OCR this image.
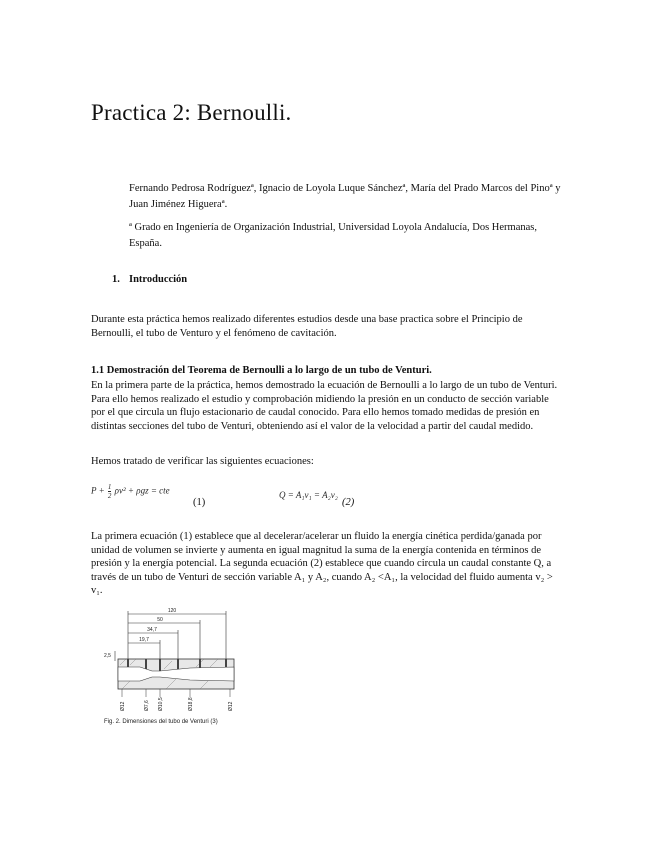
Practica 2: Bernoulli.

Fernando Pedrosa Rodríguezª, Ignacio de Loyola Luque Sánchezª, María del Prado Marcos del Pinoª y Juan Jiménez Higueraª.

ª Grado en Ingeniería de Organización Industrial, Universidad Loyola Andalucía, Dos Hermanas, España.

1. Introducción

Durante esta práctica hemos realizado diferentes estudios desde una base practica sobre el Principio de Bernoulli, el tubo de Venturo y el fenómeno de cavitación.

1.1 Demostración del Teorema de Bernoulli a lo largo de un tubo de Venturi.

En la primera parte de la práctica, hemos demostrado la ecuación de Bernoulli a lo largo de un tubo de Venturi. Para ello hemos realizado el estudio y comprobación midiendo la presión en un conducto de sección variable por el que circula un flujo estacionario de caudal conocido. Para ello hemos tomado medidas de presión en distintas secciones del tubo de Venturi, obteniendo así el valor de la velocidad a partir del caudal medido.

Hemos tratado de verificar las siguientes ecuaciones:

$P + \frac{1}{2} \rho v^2 + \rho gz$ = cte
(1)
Q = A₁v₁ = A₂v₂
(2)

La primera ecuación (1) establece que al decelerar/acelerar un fluido la energía cinética perdida/ganada por unidad de volumen se invierte y aumenta en igual magnitud la suma de la energía contenida en términos de presión y la energía potencial. La segunda ecuación (2) establece que cuando circula un caudal constante Q, a través de un tubo de Venturi de sección variable A₁ y A₂, cuando A₂ <A₁, la velocidad del fluido aumenta v₂ > v₁.

120
50
34,7
19,7
2,5
Ø12	Ø7,6 Ø10,5	Ø18,8	Ø12
Fig. 2. Dimensiones del tubo de Venturi (3)
